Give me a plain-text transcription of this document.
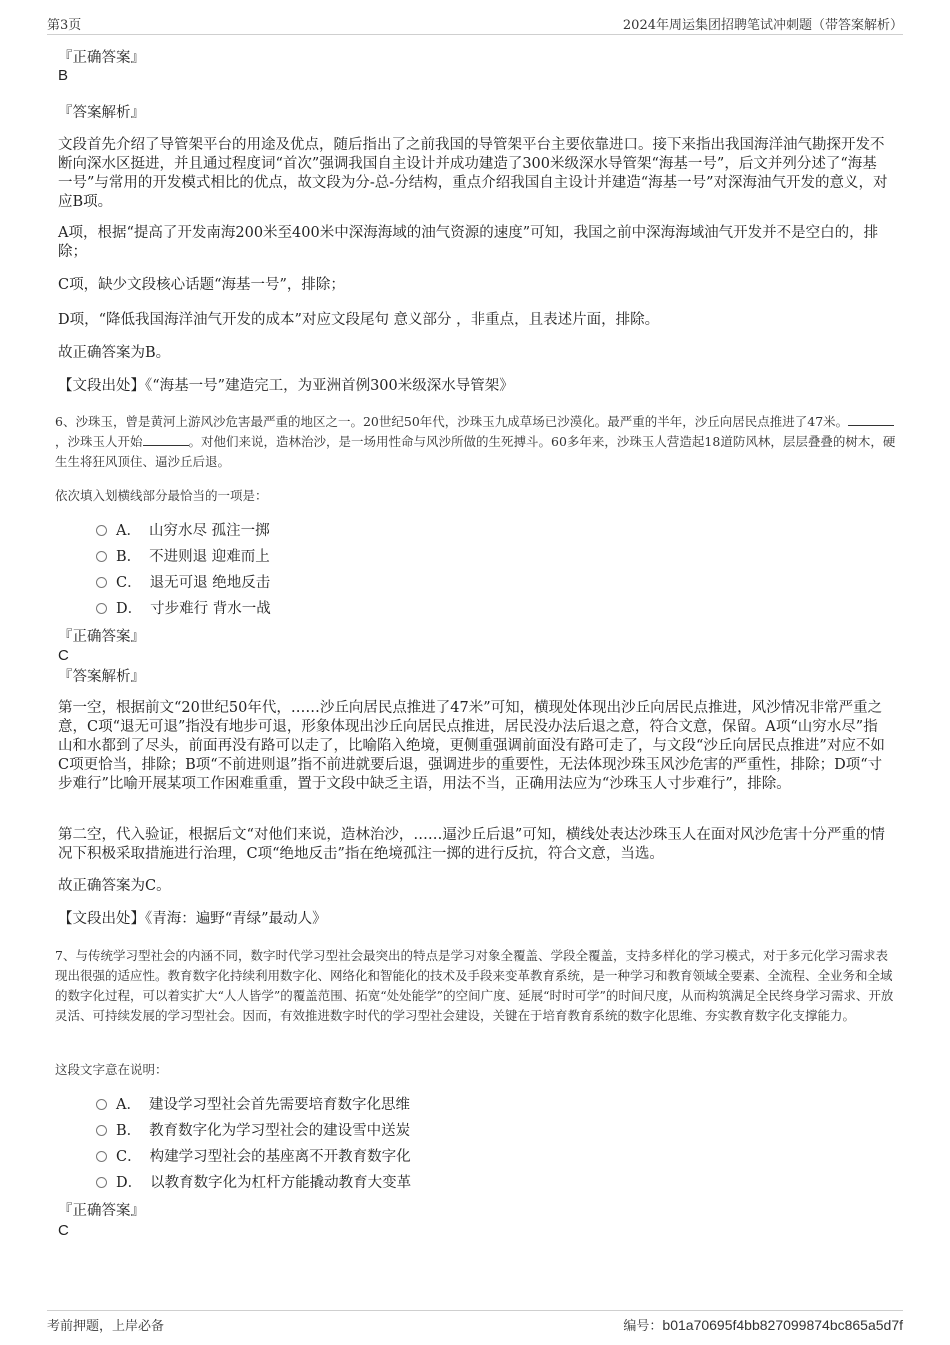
第3页	2024年周运集团招聘笔试冲刺题（带答案解析）
『正确答案』
B
『答案解析』

文段首先介绍了导管架平台的用途及优点，随后指出了之前我国的导管架平台主要依靠进口。接下来指出我国海洋油气勘探开发不断向深水区挺进，并且通过程度词“首次”强调我国自主设计并成功建造了300米级深水导管架“海基一号”，后文并列分述了“海基一号”与常用的开发模式相比的优点，故文段为分-总-分结构，重点介绍我国自主设计并建造“海基一号”对深海油气开发的意义，对应B项。

A项，根据“提高了开发南海200米至400米中深海海域的油气资源的速度”可知，我国之前中深海海域油气开发并不是空白的，排除；

C项，缺少文段核心话题“海基一号”，排除；

D项，“降低我国海洋油气开发的成本”对应文段尾句 意义部分 ，非重点，且表述片面，排除。

故正确答案为B。

【文段出处】《“海基一号”建造完工，为亚洲首例300米级深水导管架》

6、沙珠玉，曾是黄河上游风沙危害最严重的地区之一。20世纪50年代，沙珠玉九成草场已沙漠化。最严重的半年，沙丘向居民点推进了47米。，沙珠玉人开始	。对他们来说，造林治沙，是一场用性命与风沙所做的生死搏斗。60多年来，沙珠玉人营造起18道防风林，层层叠叠的树木，硬生生将狂风顶住、逼沙丘后退。

依次填入划横线部分最恰当的一项是：

A． 山穷水尽 孤注一掷
B． 不进则退 迎难而上
C． 退无可退 绝地反击
D． 寸步难行 背水一战
『正确答案』
C
『答案解析』

第一空，根据前文“20世纪50年代，……沙丘向居民点推进了47米”可知，横现处体现出沙丘向居民点推进，风沙情况非常严重之意，C项“退无可退”指没有地步可退，形象体现出沙丘向居民点推进，居民没办法后退之意，符合文意，保留。A项“山穷水尽”指山和水都到了尽头，前面再没有路可以走了，比喻陷入绝境，更侧重强调前面没有路可走了，与文段“沙丘向居民点推进”对应不如C项更恰当，排除；B项“不前进则退”指不前进就要后退，强调进步的重要性，无法体现沙珠玉风沙危害的严重性，排除；D项“寸步难行”比喻开展某项工作困难重重，置于文段中缺乏主语，用法不当，正确用法应为“沙珠玉人寸步难行”，排除。

第二空，代入验证，根据后文“对他们来说，造林治沙，……逼沙丘后退”可知，横线处表达沙珠玉人在面对风沙危害十分严重的情况下积极采取措施进行治理，C项“绝地反击”指在绝境孤注一掷的进行反抗，符合文意，当选。

故正确答案为C。

【文段出处】《青海：遍野“青绿”最动人》

7、与传统学习型社会的内涵不同，数字时代学习型社会最突出的特点是学习对象全覆盖、学段全覆盖，支持多样化的学习模式，对于多元化学习需求表现出很强的适应性。教育数字化持续利用数字化、网络化和智能化的技术及手段来变革教育系统，是一种学习和教育领域全要素、全流程、全业务和全域的数字化过程，可以着实扩大“人人皆学”的覆盖范围、拓宽“处处能学”的空间广度、延展“时时可学”的时间尺度，从而构筑满足全民终身学习需求、开放灵活、可持续发展的学习型社会。因而，有效推进数字时代的学习型社会建设，关键在于培育教育系统的数字化思维、夯实教育数字化支撑能力。

这段文字意在说明：

A． 建设学习型社会首先需要培育数字化思维
B． 教育数字化为学习型社会的建设雪中送炭
C． 构建学习型社会的基座离不开教育数字化
D． 以教育数字化为杠杆方能撬动教育大变革
『正确答案』
C
考前押题，上岸必备	编号：b01a70695f4bb827099874bc865a5d7f
